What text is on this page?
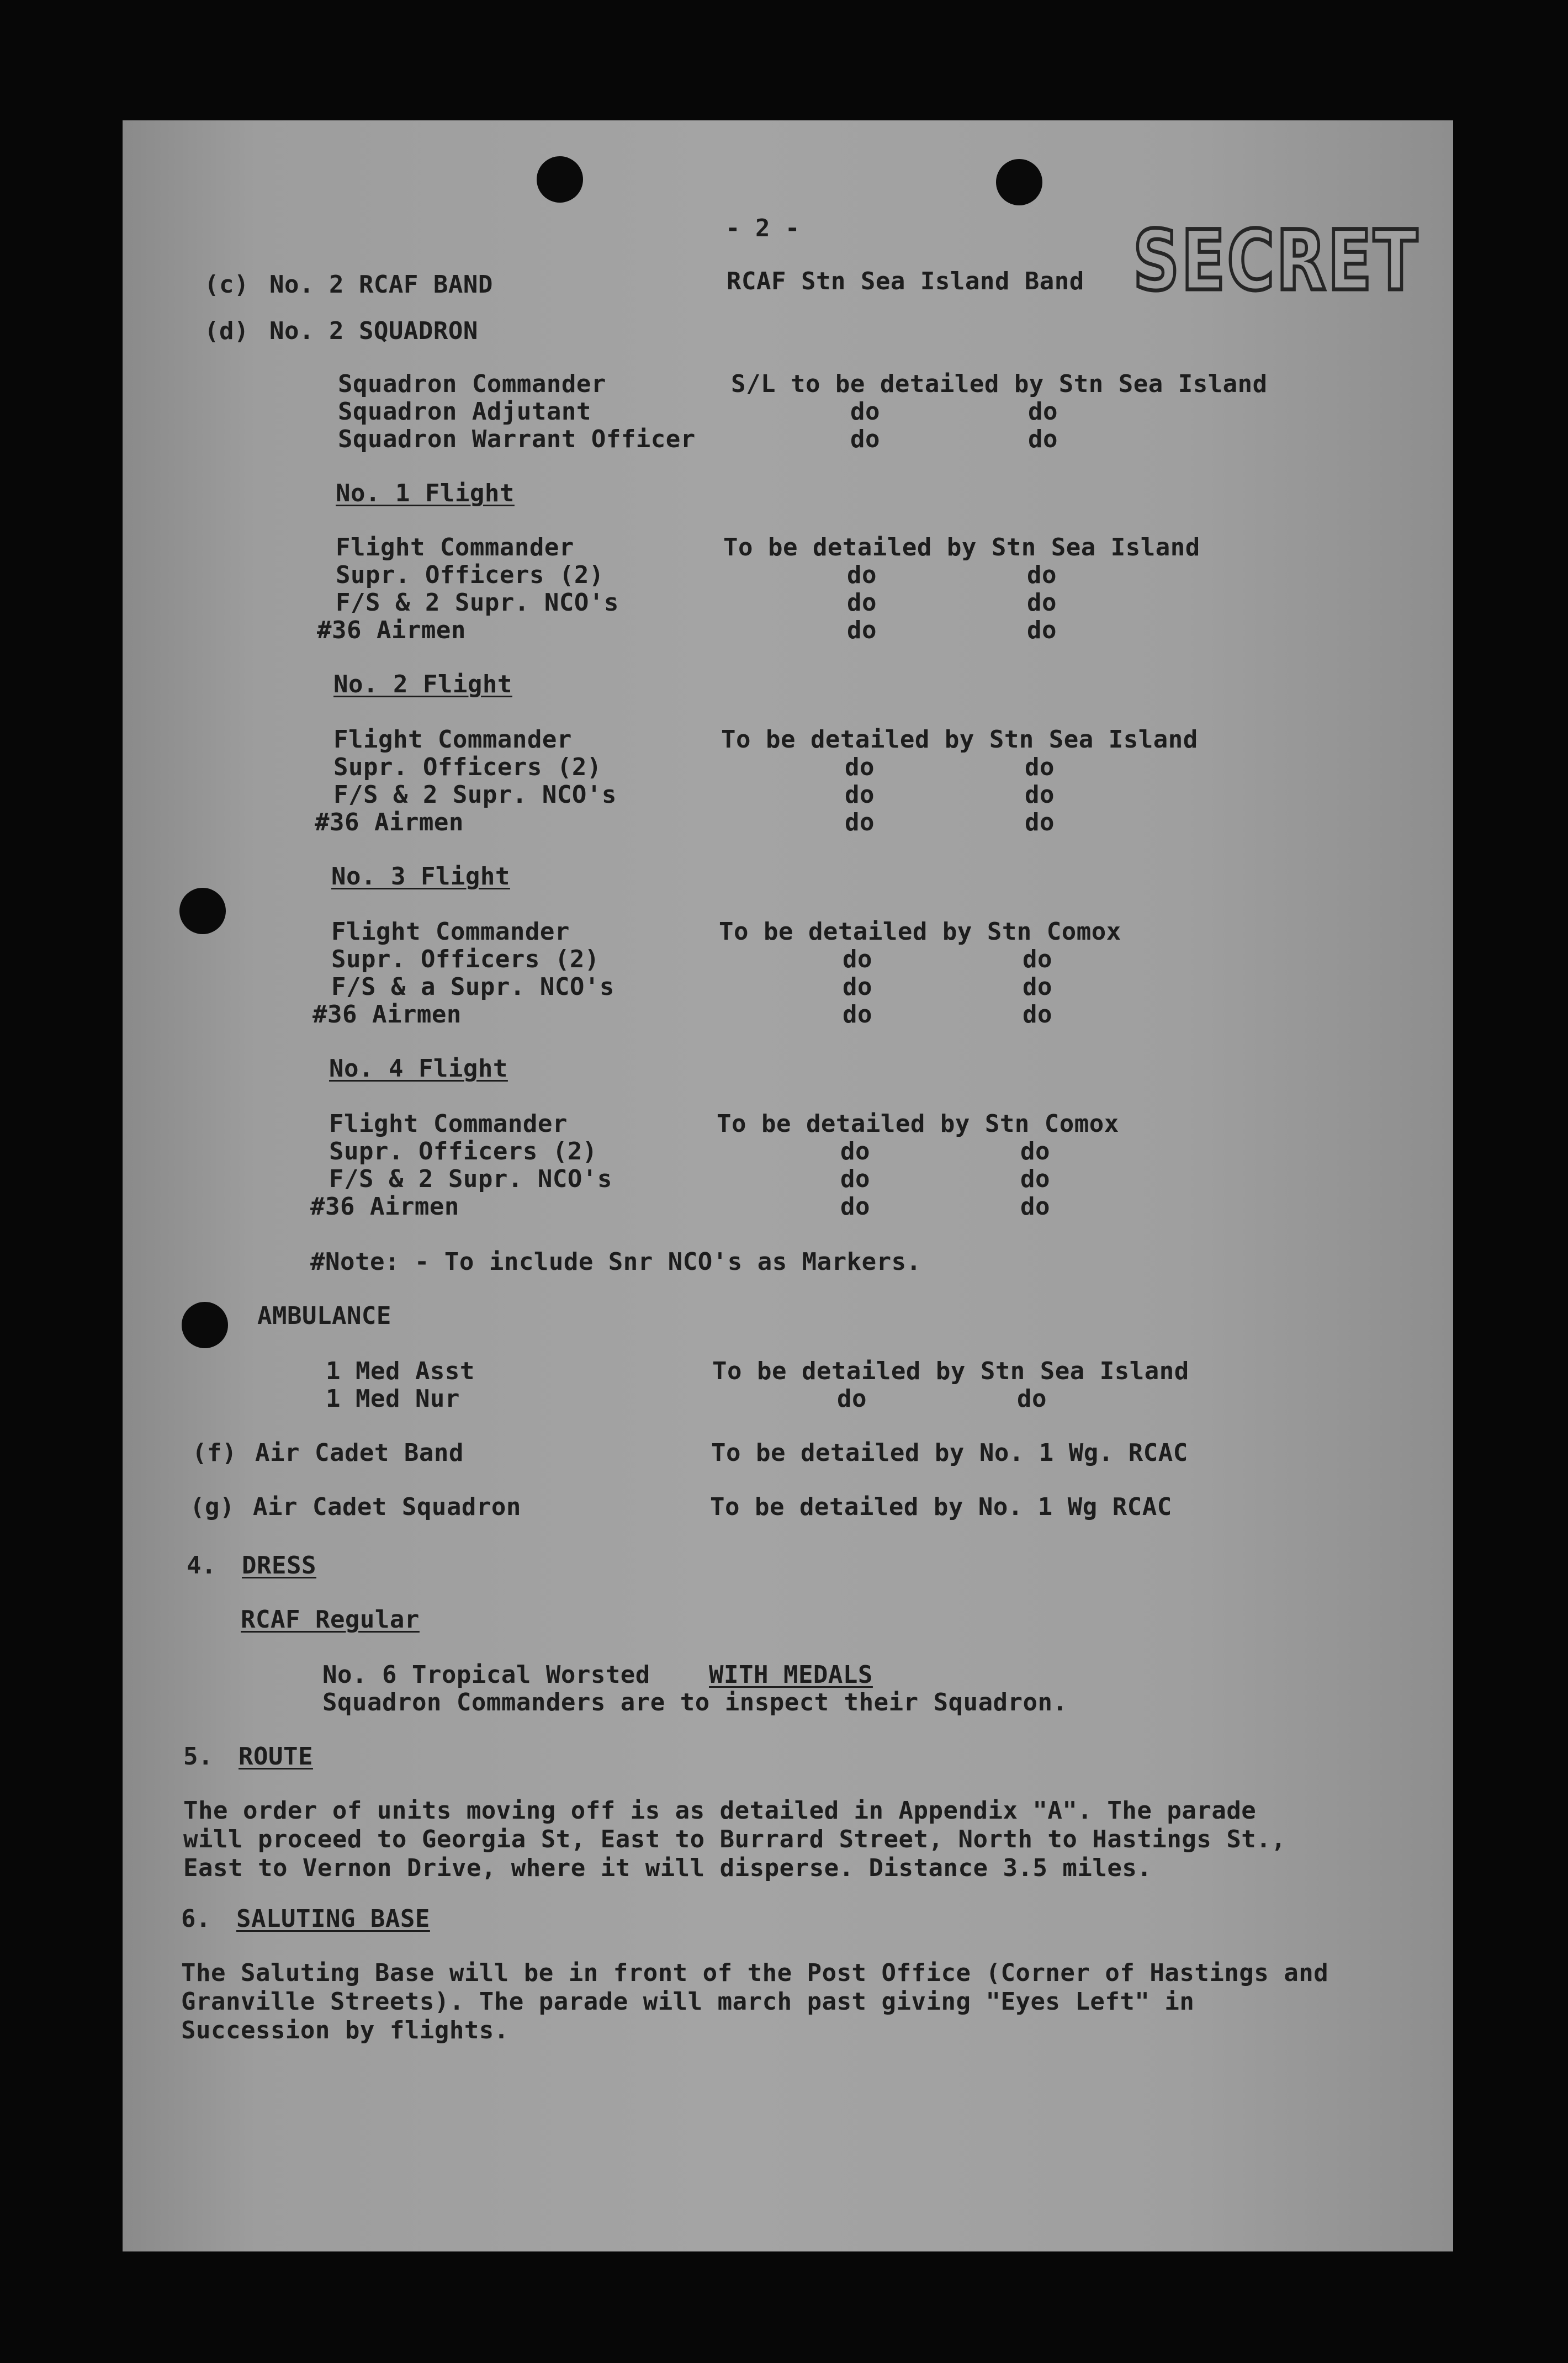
- 2 -	SECRET
(c) No. 2 RCAF BAND	RCAF Stn Sea Island Band
(d) No. 2 SQUADRON
Squadron Commander	S/L to be detailed by Stn Sea Island
Squadron Adjutant	do	do
Squadron Warrant Officer	do	do
No. 1 Flight
Flight Commander	To be detailed by Stn Sea Island
Supr. Officers (2)	do	do
F/S & 2 Supr. NCO's	do	do
#36 Airmen	do	do
No. 2 Flight
Flight Commander	To be detailed by Stn Sea Island
Supr. Officers (2)	do	do
F/S & 2 Supr. NCO's	do	do
#36 Airmen	do	do
No. 3 Flight
Flight Commander	To be detailed by Stn Comox
Supr. Officers (2)	do	do
F/S & a Supr. NCO's	do	do
#36 Airmen	do	do
No. 4 Flight
Flight Commander	To be detailed by Stn Comox
Supr. Officers (2)	do	do
F/S & 2 Supr. NCO's	do	do
#36 Airmen	do	do
#Note: - To include Snr NCO's as Markers.
AMBULANCE
1 Med Asst	To be detailed by Stn Sea Island
1 Med Nur	do	do
(f) Air Cadet Band	To be detailed by No. 1 Wg. RCAC
(g) Air Cadet Squadron	To be detailed by No. 1 Wg RCAC
4. DRESS
RCAF Regular
No. 6 Tropical Worsted WITH MEDALS
Squadron Commanders are to inspect their Squadron.
5. ROUTE
The order of units moving off is as detailed in Appendix "A". The parade will proceed to Georgia St, East to Burrard Street, North to Hastings St., East to Vernon Drive, where it will disperse. Distance 3.5 miles.
6. SALUTING BASE
The Saluting Base will be in front of the Post Office (Corner of Hastings and Granville Streets). The parade will march past giving "Eyes Left" in Succession by flights.
